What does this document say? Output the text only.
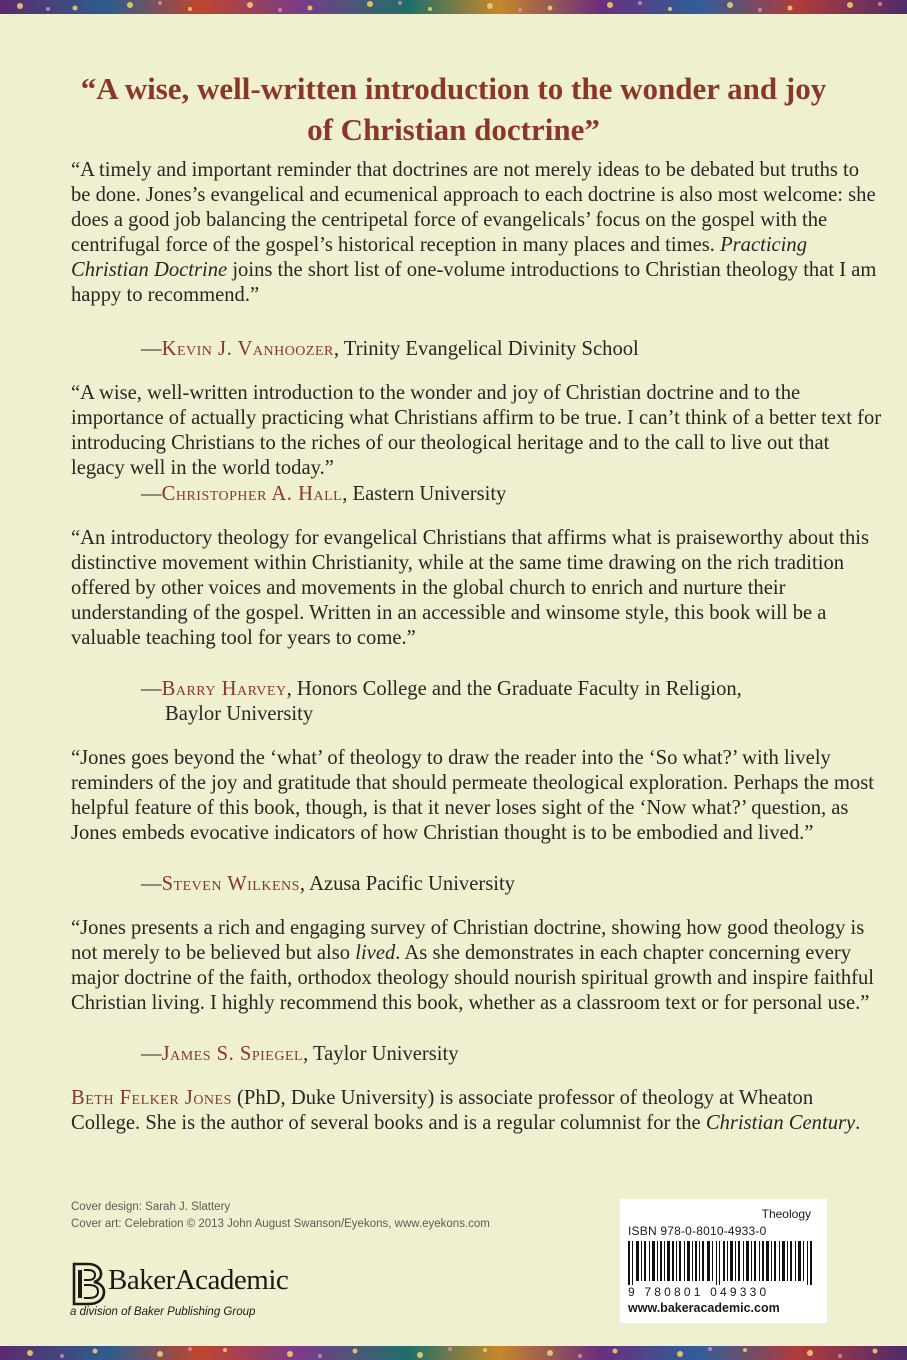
“A wise, well-written introduction to the wonder and joy
of Christian doctrine”

“A timely and important reminder that doctrines are not merely ideas to be debated but truths to be done. Jones’s evangelical and ecumenical approach to each doctrine is also most welcome: she does a good job balancing the centripetal force of evangelicals’ focus on the gospel with the centrifugal force of the gospel’s historical reception in many places and times. Practicing Christian Doctrine joins the short list of one-volume introductions to Christian theology that I am happy to recommend.”

—Kevin J. Vanhoozer, Trinity Evangelical Divinity School

“A wise, well-written introduction to the wonder and joy of Christian doctrine and to the importance of actually practicing what Christians affirm to be true. I can’t think of a better text for introducing Christians to the riches of our theological heritage and to the call to live out that legacy well in the world today.”

—Christopher A. Hall, Eastern University

“An introductory theology for evangelical Christians that affirms what is praiseworthy about this distinctive movement within Christianity, while at the same time drawing on the rich tradition offered by other voices and movements in the global church to enrich and nurture their understanding of the gospel. Written in an accessible and winsome style, this book will be a valuable teaching tool for years to come.”

—Barry Harvey, Honors College and the Graduate Faculty in Religion,
Baylor University

“Jones goes beyond the ‘what’ of theology to draw the reader into the ‘So what?’ with lively reminders of the joy and gratitude that should permeate theological exploration. Perhaps the most helpful feature of this book, though, is that it never loses sight of the ‘Now what?’ question, as Jones embeds evocative indicators of how Christian thought is to be embodied and lived.”

—Steven Wilkens, Azusa Pacific University

“Jones presents a rich and engaging survey of Christian doctrine, showing how good theology is not merely to be believed but also lived. As she demonstrates in each chapter concerning every major doctrine of the faith, orthodox theology should nourish spiritual growth and inspire faithful Christian living. I highly recommend this book, whether as a classroom text or for personal use.”

—James S. Spiegel, Taylor University

Beth Felker Jones (PhD, Duke University) is associate professor of theology at Wheaton College. She is the author of several books and is a regular columnist for the Christian Century.

Cover design: Sarah J. Slattery
Cover art: Celebration © 2013 John August Swanson/Eyekons, www.eyekons.com
BakerAcademic
a division of Baker Publishing Group
Theology
ISBN 978-0-8010-4933-0
9 780801 049330
www.bakeracademic.com
